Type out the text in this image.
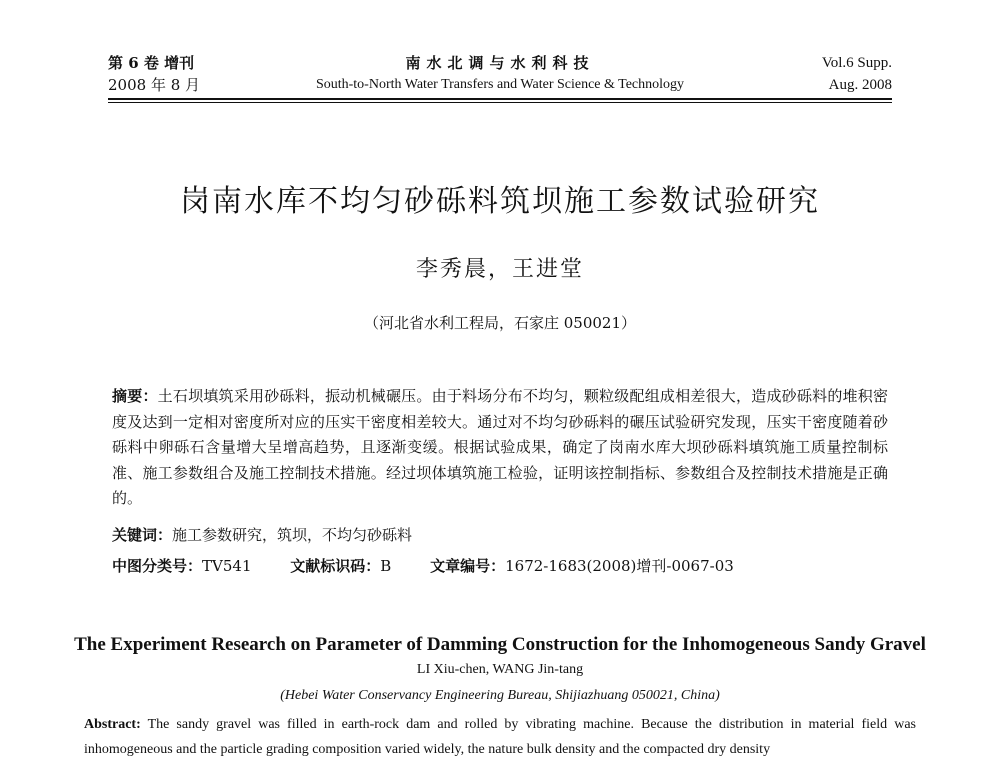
第 6 卷 增刊
2008 年 8 月
南水北调与水利科技
South-to-North Water Transfers and Water Science & Technology
Vol.6 Supp.
Aug. 2008
岗南水库不均匀砂砾料筑坝施工参数试验研究
李秀晨，王进堂
（河北省水利工程局，石家庄 050021）
摘要：土石坝填筑采用砂砾料，振动机械碾压。由于料场分布不均匀，颗粒级配组成相差很大，造成砂砾料的堆积密度及达到一定相对密度所对应的压实干密度相差较大。通过对不均匀砂砾料的碾压试验研究发现，压实干密度随着砂砾料中卵砾石含量增大呈增高趋势，且逐渐变缓。根据试验成果，确定了岗南水库大坝砂砾料填筑施工质量控制标准、施工参数组合及施工控制技术措施。经过坝体填筑施工检验，证明该控制指标、参数组合及控制技术措施是正确的。
关键词：施工参数研究，筑坝，不均匀砂砾料
中图分类号：TV541	文献标识码：B	文章编号：1672-1683(2008)增刊-0067-03
The Experiment Research on Parameter of Damming Construction for the Inhomogeneous Sandy Gravel
LI Xiu-chen, WANG Jin-tang
(Hebei Water Conservancy Engineering Bureau, Shijiazhuang 050021, China)
Abstract: The sandy gravel was filled in earth-rock dam and rolled by vibrating machine. Because the distribution in material field was inhomogeneous and the particle grading composition varied widely, the nature bulk density and the compacted dry density
